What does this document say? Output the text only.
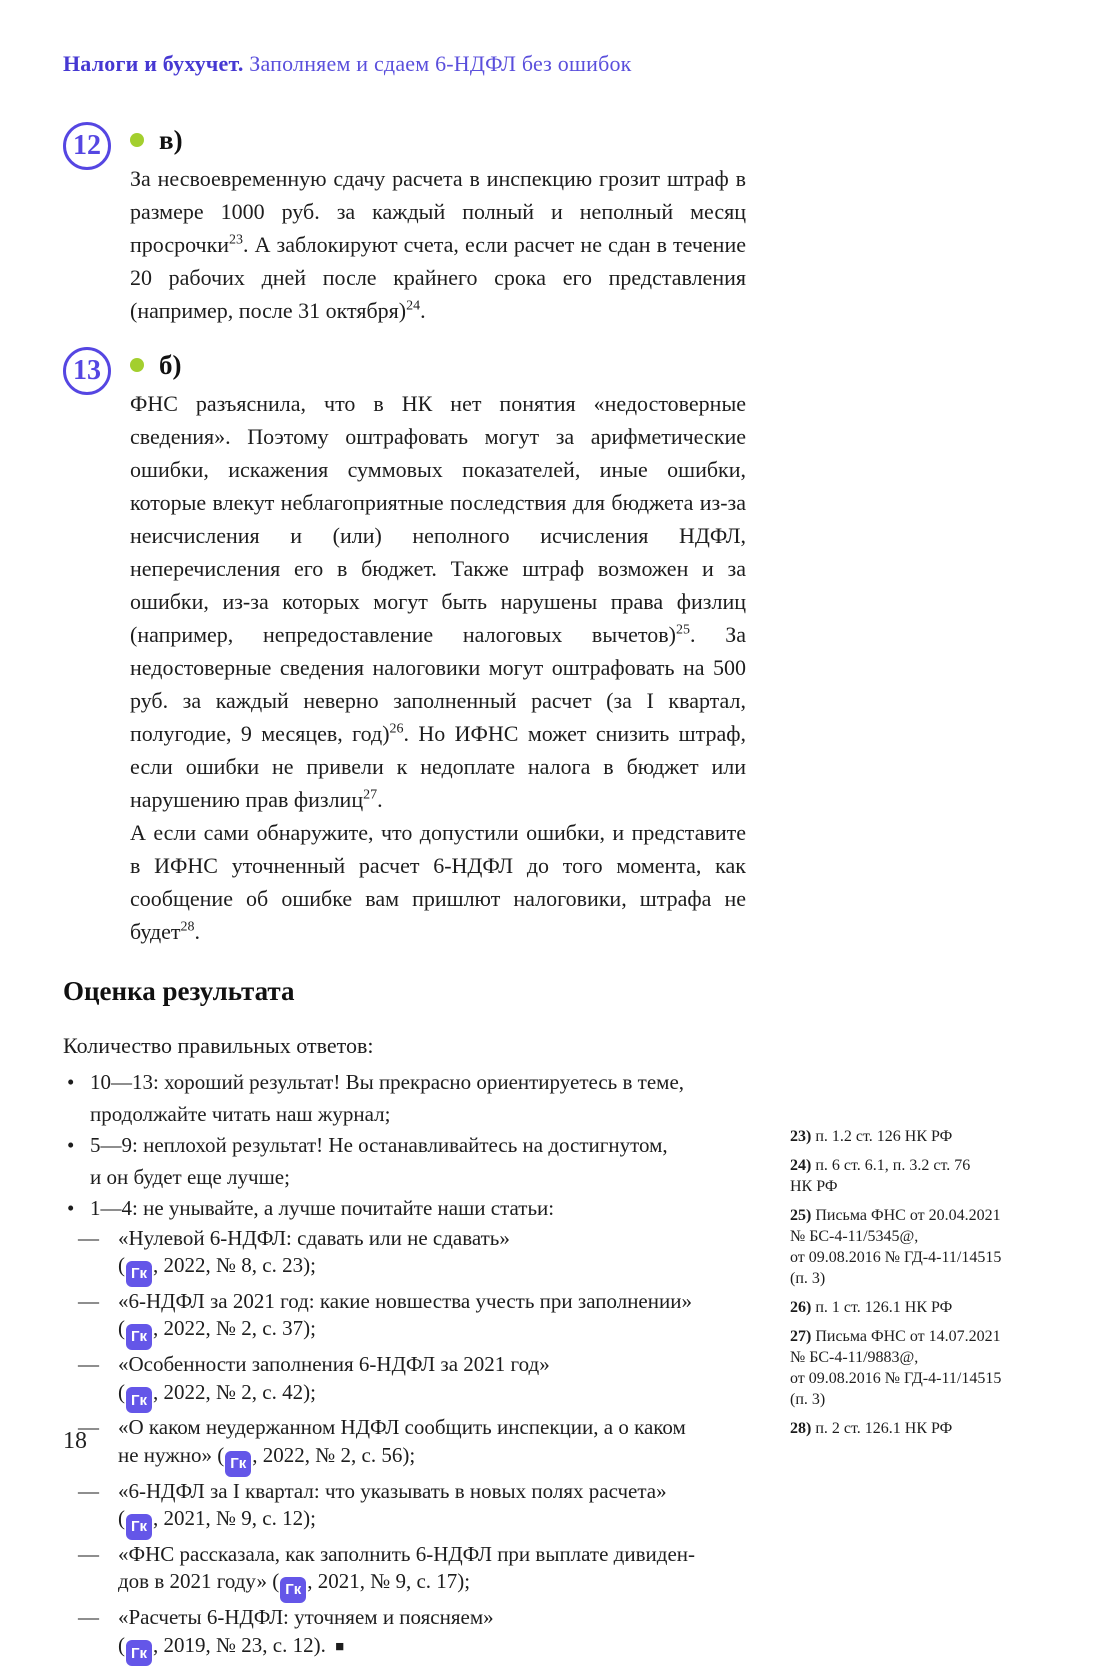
Налоги и бухучет. Заполняем и сдаем 6-НДФЛ без ошибок
12	в)

За несвоевременную сдачу расчета в инспекцию грозит штраф в размере 1000 руб. за каждый полный и неполный месяц просрочки$^{23}$. А заблокируют счета, если расчет не сдан в течение 20 рабочих дней после крайнего срока его представления (например, после 31 октября)$^{24}$.

13	б)

ФНС разъяснила, что в НК нет понятия «недостоверные сведения». Поэтому оштрафовать могут за арифметические ошибки, искажения суммовых показателей, иные ошибки, которые влекут неблагоприятные последствия для бюджета из-за неисчисления и (или) неполного исчисления НДФЛ, неперечисления его в бюджет. Также штраф возможен и за ошибки, из-за которых могут быть нарушены права физлиц (например, непредоставление налоговых вычетов)$^{25}$. За недостоверные сведения налоговики могут оштрафовать на 500 руб. за каждый неверно заполненный расчет (за I квартал, полугодие, 9 месяцев, год)$^{26}$. Но ИФНС может снизить штраф, если ошибки не привели к недоплате налога в бюджет или нарушению прав физлиц$^{27}$.

А если сами обнаружите, что допустили ошибки, и представите в ИФНС уточненный расчет 6-НДФЛ до того момента, как сообщение об ошибке вам пришлют налоговики, штрафа не будет$^{28}$.

Оценка результата

Количество правильных ответов:

• 10—13: хороший результат! Вы прекрасно ориентируетесь в теме,
продолжайте читать наш журнал;
• 5—9: неплохой результат! Не останавливайтесь на достигнутом,
и он будет еще лучше;
• 1—4: не унывайте, а лучше почитайте наши статьи:
— «Нулевой 6-НДФЛ: сдавать или не сдавать»
( Гк , 2022, № 8, с. 23);
— «6-НДФЛ за 2021 год: какие новшества учесть при заполнении»
( Гк , 2022, № 2, с. 37);
— «Особенности заполнения 6-НДФЛ за 2021 год»
( Гк , 2022, № 2, с. 42);
— «О каком неудержанном НДФЛ сообщить инспекции, а о каком
не нужно» ( Гк , 2022, № 2, с. 56);
— «6-НДФЛ за I квартал: что указывать в новых полях расчета»
( Гк , 2021, № 9, с. 12);
— «ФНС рассказала, как заполнить 6-НДФЛ при выплате дивиден-
дов в 2021 году» ( Гк , 2021, № 9, с. 17);
— «Расчеты 6-НДФЛ: уточняем и поясняем»
( Гк , 2019, № 23, с. 12). ■

23) п. 1.2 ст. 126 НК РФ

24) п. 6 ст. 6.1, п. 3.2 ст. 76
НК РФ

25) Письма ФНС от 20.04.2021
№ БС-4-11/5345@,
от 09.08.2016 № ГД-4-11/14515
(п. 3)

26) п. 1 ст. 126.1 НК РФ

27) Письма ФНС от 14.07.2021
№ БС-4-11/9883@,
от 09.08.2016 № ГД-4-11/14515
(п. 3)

28) п. 2 ст. 126.1 НК РФ

18
